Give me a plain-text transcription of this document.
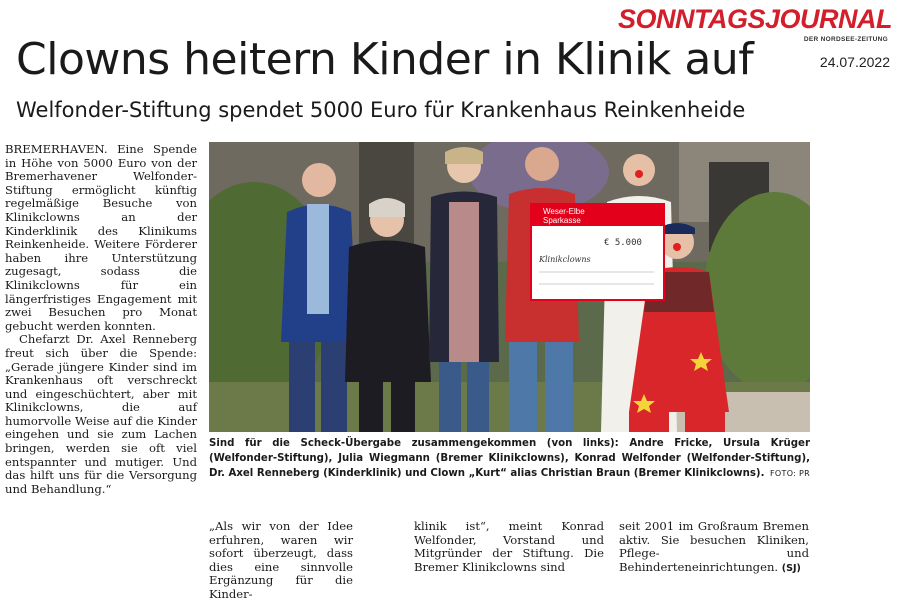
SONNTAGSJOURNAL
DER NORDSEE-ZEITUNG
24.07.2022
Clowns heitern Kinder in Klinik auf
Welfonder-Stiftung spendet 5000 Euro für Krankenhaus Reinkenheide

BREMERHAVEN. Eine Spende in Höhe von 5000 Euro von der Bremerhavener Welfonder-Stiftung ermöglicht künftig regelmäßige Besuche von Klinikclowns an der Kinderklinik des Klinikums Reinkenheide. Weitere Förderer haben ihre Unterstützung zugesagt, sodass die Klinikclowns für ein längerfristiges Engagement mit zwei Besuchen pro Monat gebucht werden konnten.

Chefarzt Dr. Axel Renneberg freut sich über die Spende: „Gerade jüngere Kinder sind im Krankenhaus oft verschreckt und eingeschüchtert, aber mit Klinikclowns, die auf humorvolle Weise auf die Kinder eingehen und sie zum Lachen bringen, werden sie oft viel entspannter und mutiger. Und das hilft uns für die Versorgung und Behandlung.“

Weser-Elbe
Sparkasse
€ 5.000
Klinikclowns
Sind für die Scheck-Übergabe zusammengekommen (von links): Andre Fricke, Ursula Krüger (Welfonder-Stiftung), Julia Wiegmann (Bremer Klinikclowns), Konrad Welfonder (Welfonder-Stiftung), Dr. Axel Renneberg (Kinderklinik) und Clown „Kurt“ alias Christian Braun (Bremer Klinikclowns). FOTO: PR

„Als wir von der Idee erfuhren, waren wir sofort überzeugt, dass dies eine sinnvolle Ergänzung für die Kinder-

klinik ist“, meint Konrad Welfonder, Vorstand und Mitgründer der Stiftung. Die Bremer Klinikclowns sind

seit 2001 im Großraum Bremen aktiv. Sie besuchen Kliniken, Pflege- und Behinderteneinrichtungen. (SJ)
